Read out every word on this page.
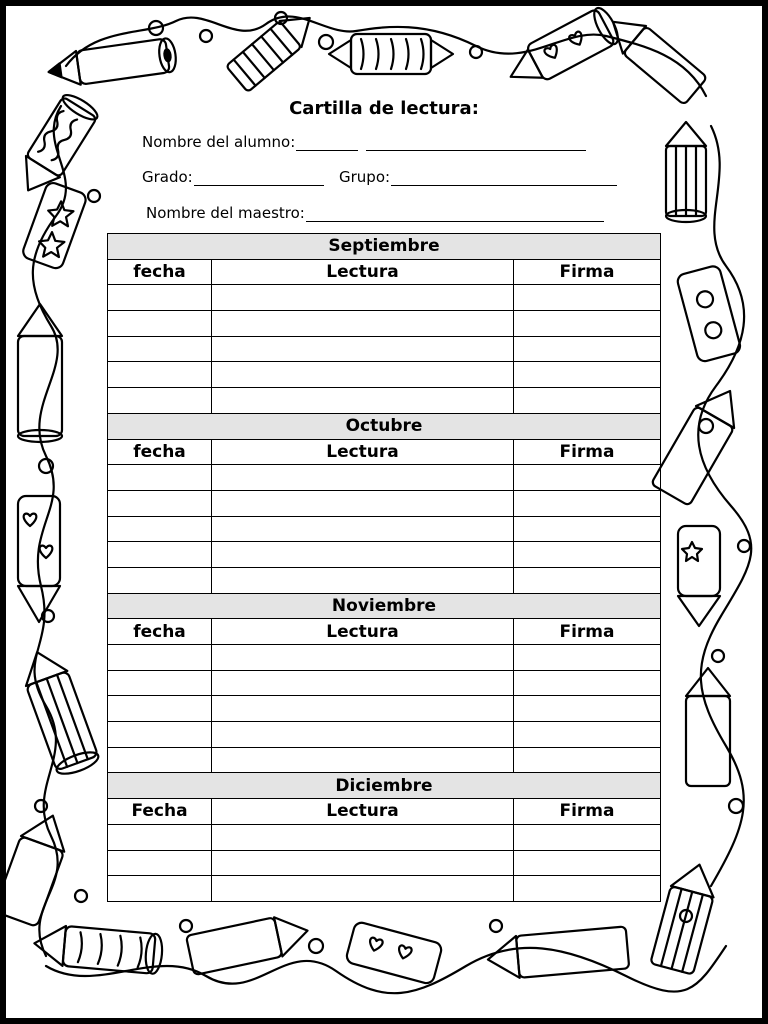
Cartilla de lectura:
Nombre del alumno:
Grado:	Grupo:
Nombre del maestro:
Septiembre		
fecha	Lectura	Firma

Octubre		
fecha	Lectura	Firma

Noviembre		
fecha	Lectura	Firma

Diciembre		
Fecha	Lectura	Firma
